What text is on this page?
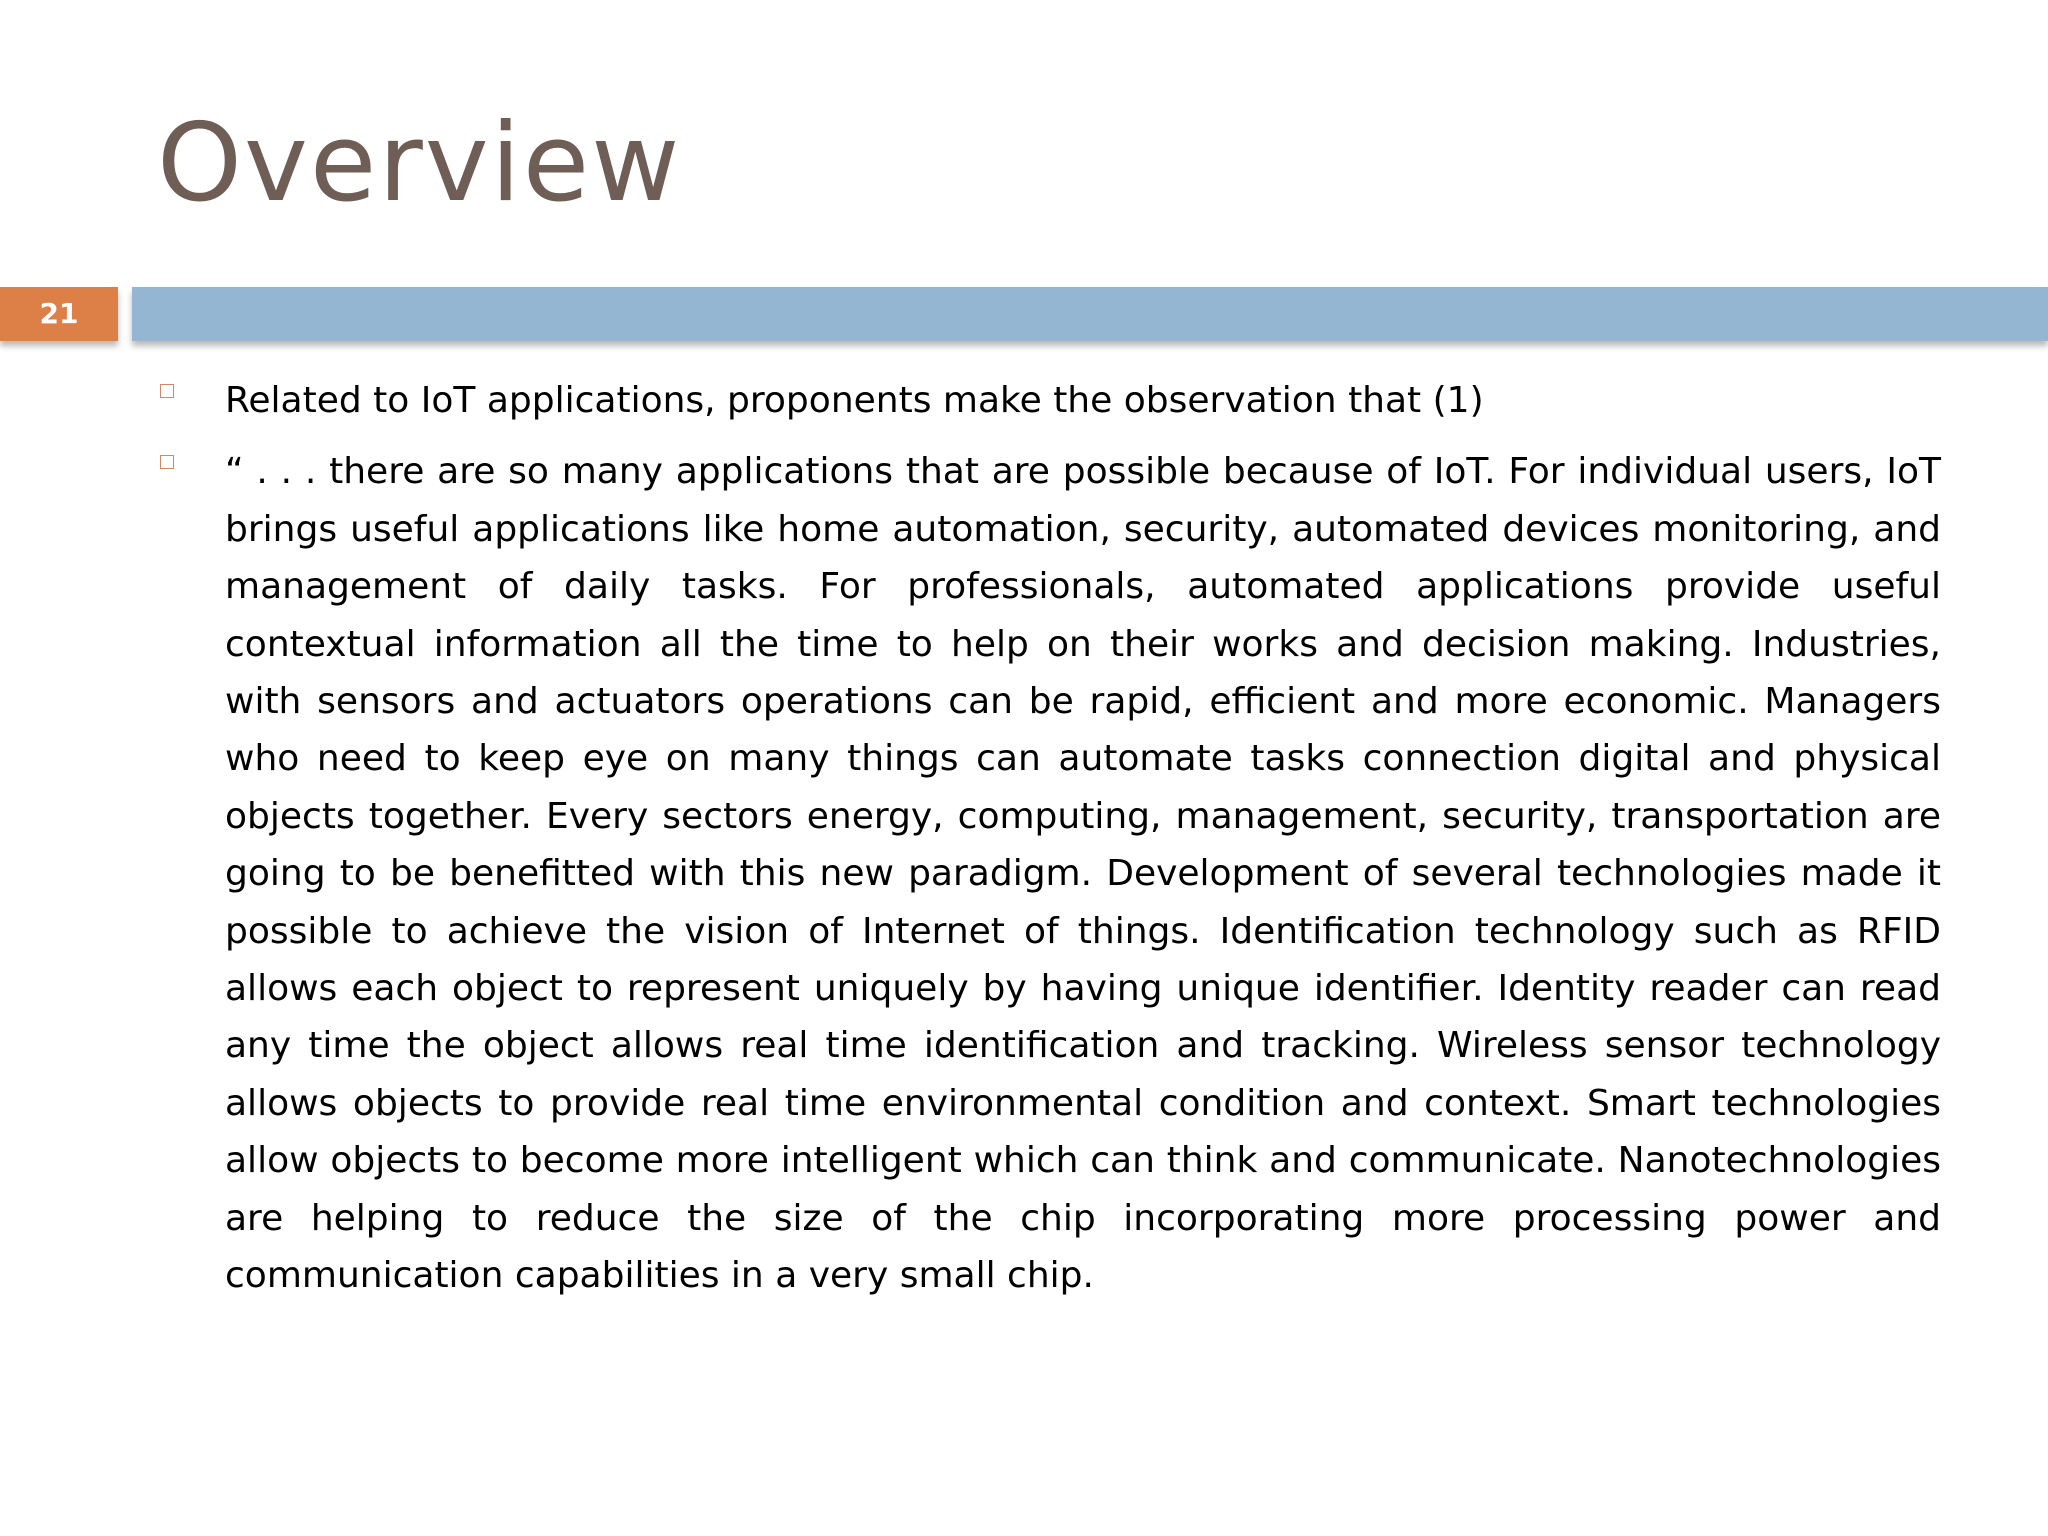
Overview
21
Related to IoT applications, proponents make the observation that (1)
“ . . . there are so many applications that are possible because of IoT. For individual users, IoT brings useful applications like home automation, security, automated devices monitoring, and management of daily tasks. For professionals, automated applications provide useful contextual information all the time to help on their works and decision making. Industries, with sensors and actuators operations can be rapid, efficient and more economic. Managers who need to keep eye on many things can automate tasks connection digital and physical objects together. Every sectors energy, computing, management, security, transportation are going to be benefitted with this new paradigm. Development of several technologies made it possible to achieve the vision of Internet of things. Identification technology such as RFID allows each object to represent uniquely by having unique identifier. Identity reader can read any time the object allows real time identification and tracking. Wireless sensor technology allows objects to provide real time environmental condition and context. Smart technologies allow objects to become more intelligent which can think and communicate. Nanotechnologies are helping to reduce the size of the chip incorporating more processing power and communication capabilities in a very small chip.
